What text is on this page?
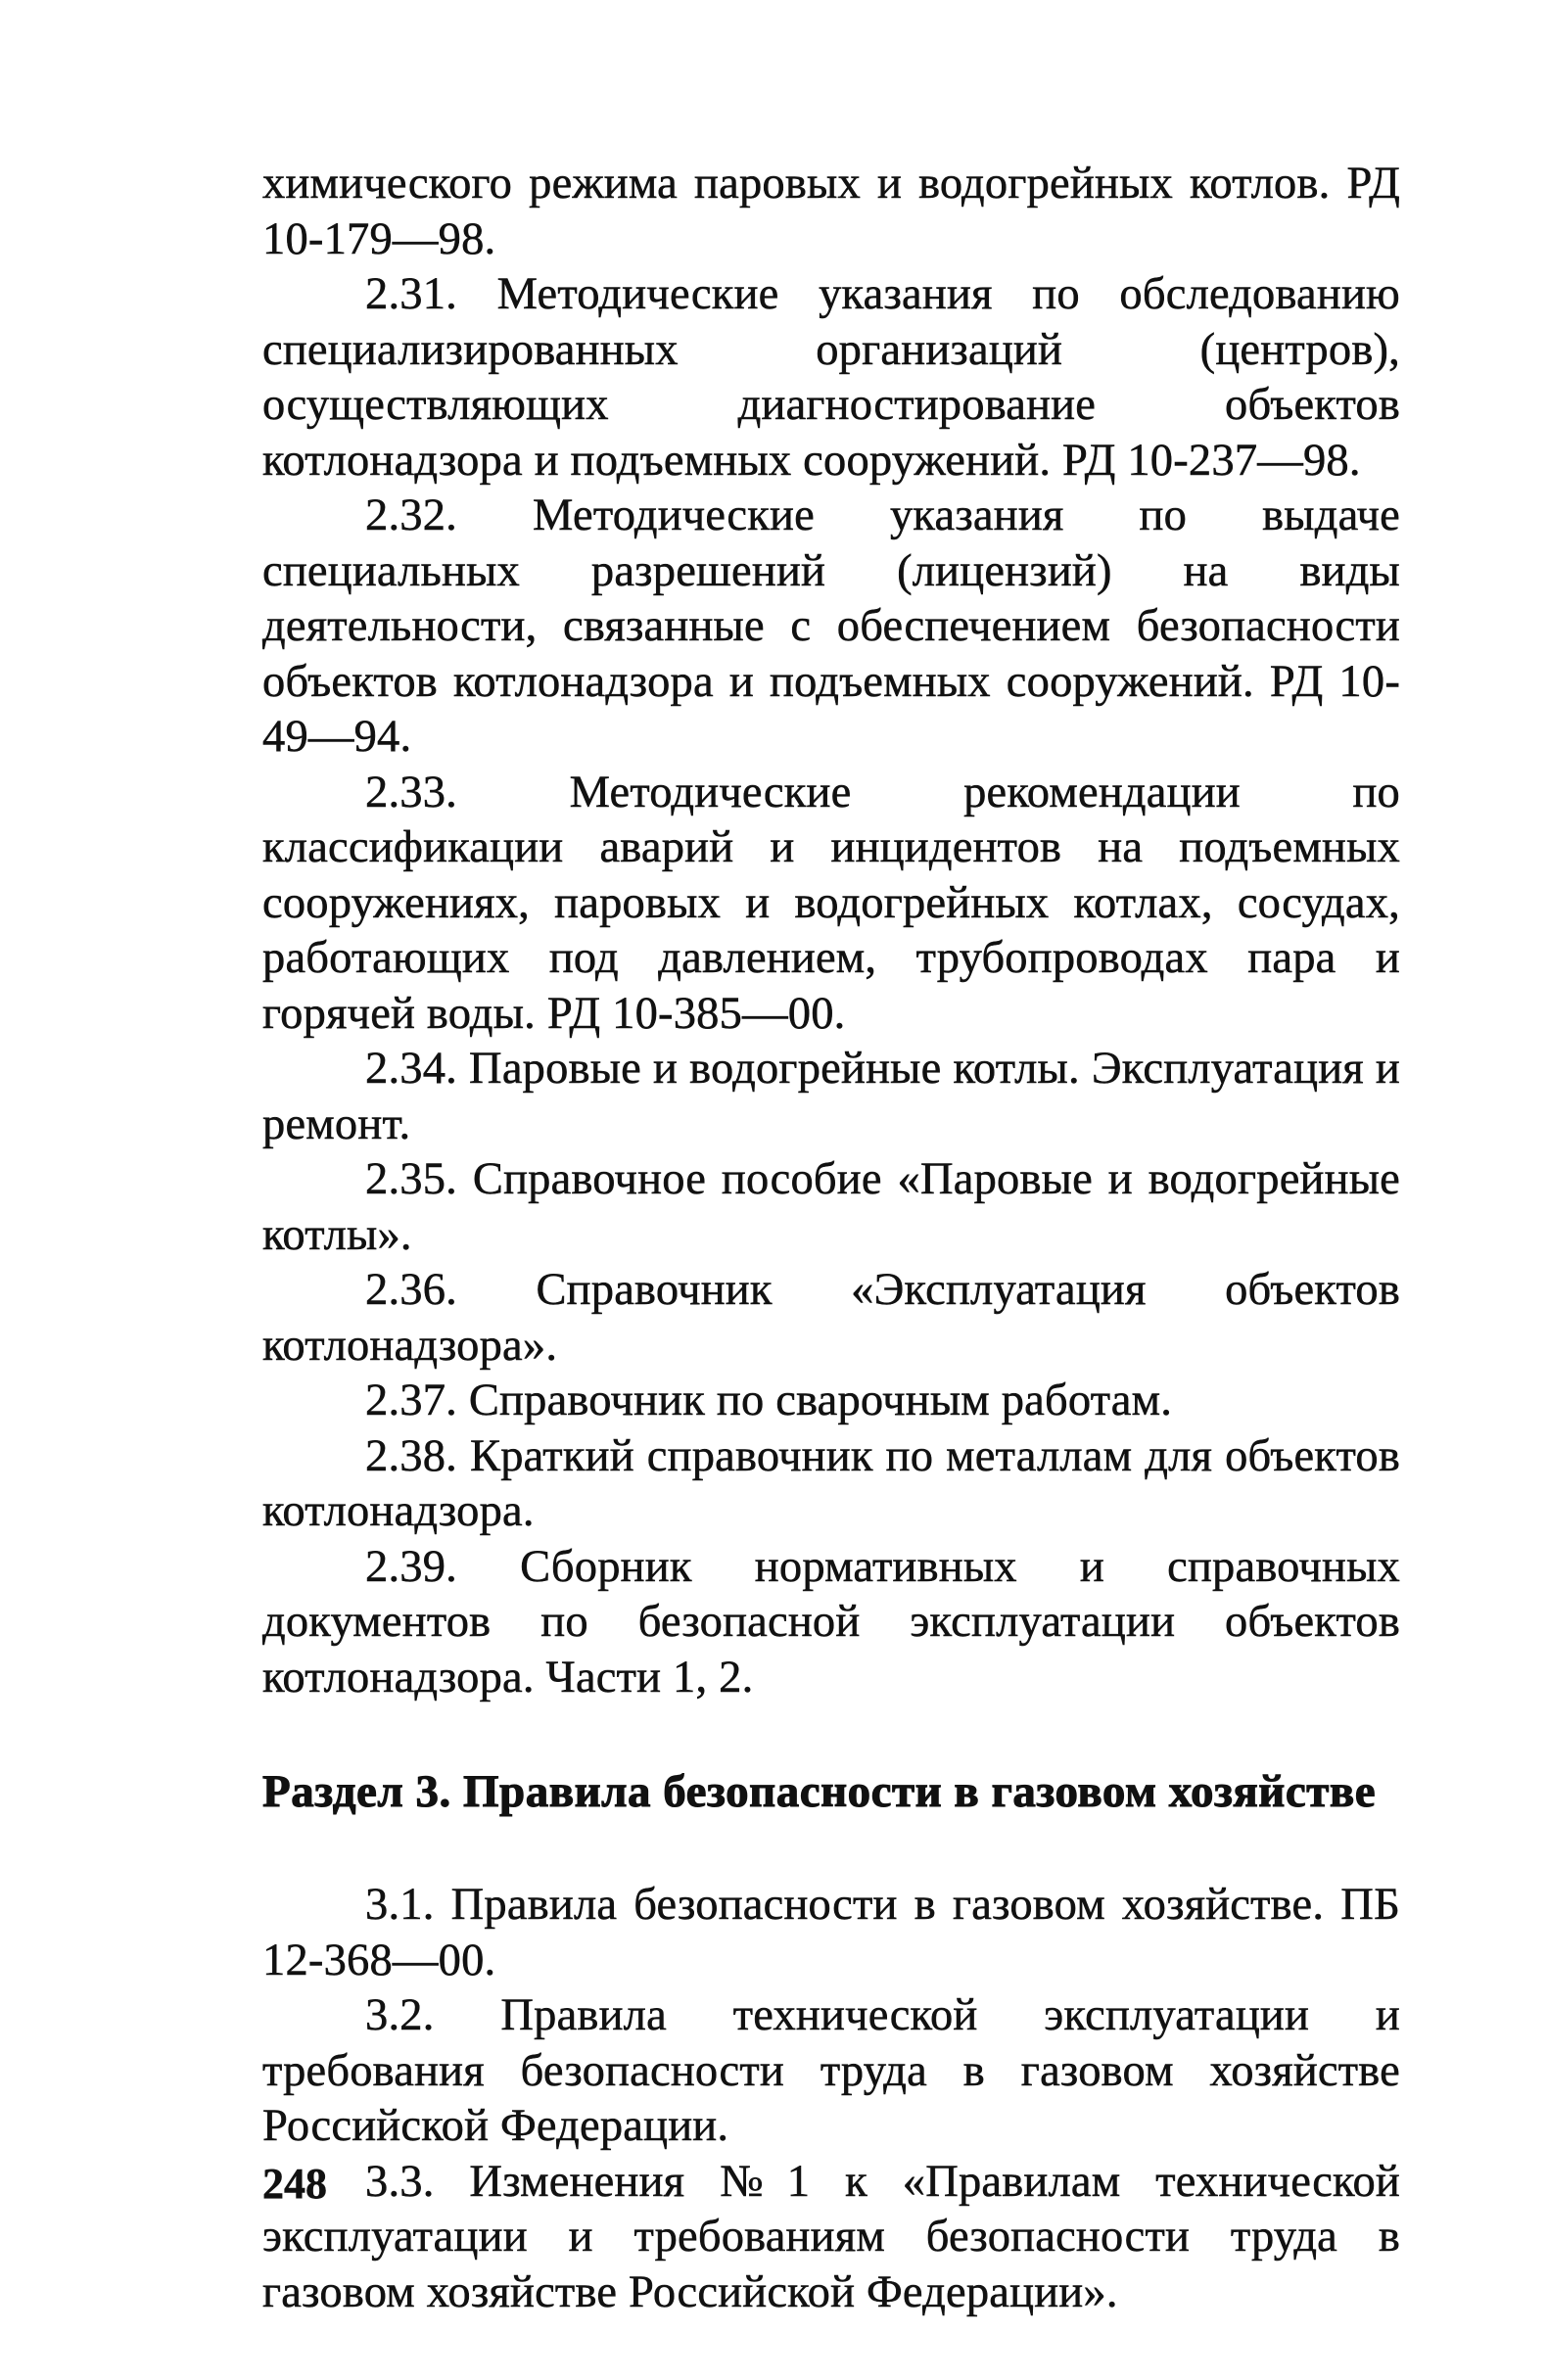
химического режима паровых и водогрейных котлов. РД 10-179—98.

2.31. Методические указания по обследованию специализированных организаций (центров), осуществляющих диагностирование объектов котлонадзора и подъемных сооружений. РД 10-237—98.

2.32. Методические указания по выдаче специальных разрешений (лицензий) на виды деятельности, связанные с обеспечением безопасности объектов котлонадзора и подъемных сооружений. РД 10-49—94.

2.33. Методические рекомендации по классификации аварий и инцидентов на подъемных сооружениях, паровых и водогрейных котлах, сосудах, работающих под давлением, трубопроводах пара и горячей воды. РД 10-385—00.

2.34. Паровые и водогрейные котлы. Эксплуатация и ремонт.

2.35. Справочное пособие «Паровые и водогрейные котлы».

2.36. Справочник «Эксплуатация объектов котлонадзора».

2.37. Справочник по сварочным работам.

2.38. Краткий справочник по металлам для объектов котлонадзора.

2.39. Сборник нормативных и справочных документов по безопасной эксплуатации объектов котлонадзора. Части 1, 2.

Раздел 3. Правила безопасности в газовом хозяйстве

3.1. Правила безопасности в газовом хозяйстве. ПБ 12-368—00.

3.2. Правила технической эксплуатации и требования безопасности труда в газовом хозяйстве Российской Федерации.

3.3. Изменения №1 к «Правилам технической эксплуатации и требованиям безопасности труда в газовом хозяйстве Российской Федерации».

248
